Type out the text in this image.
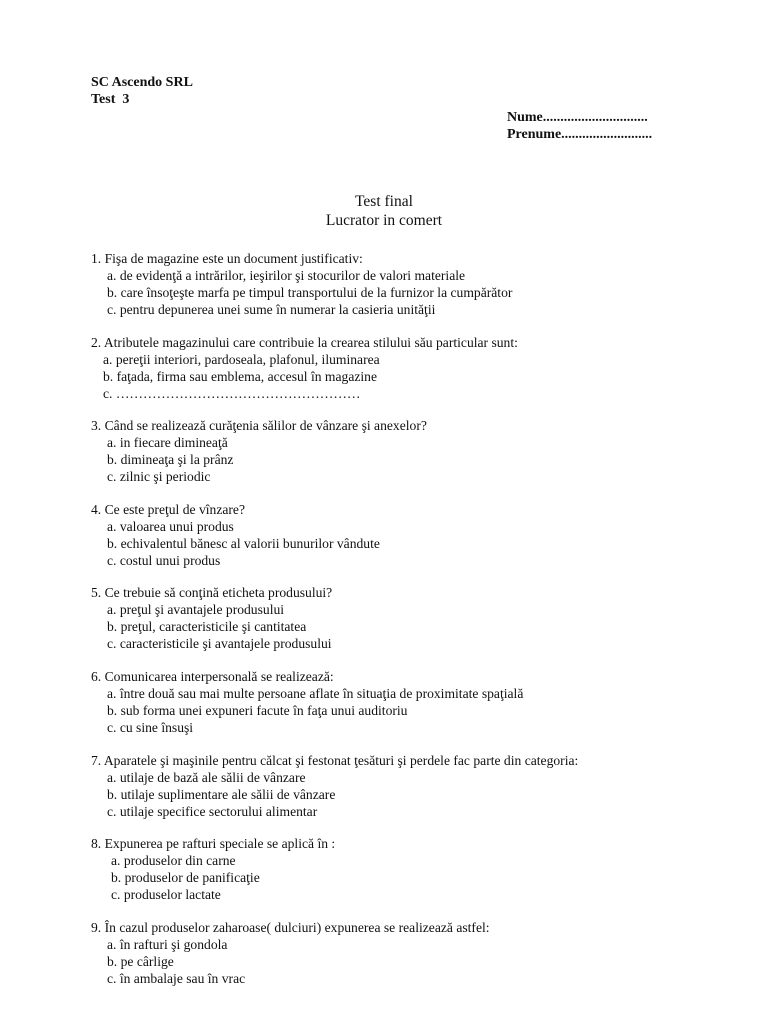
SC Ascendo SRL
Test  3
Nume..............................
Prenume..........................
Test final
Lucrator in comert
1. Fişa de magazine este un document justificativ:
a. de evidenţă a intrărilor, ieşirilor şi stocurilor de valori materiale
b. care însoţeşte marfa pe timpul transportului de la furnizor la cumpărător
c. pentru depunerea unei sume în numerar la casieria unităţii
2. Atributele magazinului care contribuie la crearea stilului său particular sunt:
a. pereţii interiori, pardoseala, plafonul, iluminarea
b. faţada, firma sau emblema, accesul în magazine
c. ………………………………………………
3. Când se realizează curăţenia sălilor de vânzare şi anexelor?
a. in fiecare dimineaţă
b. dimineaţa şi la prânz
c. zilnic şi periodic
4. Ce este preţul de vînzare?
a. valoarea unui produs
b. echivalentul bănesc al valorii bunurilor vândute
c. costul unui produs
5. Ce trebuie să conţină eticheta produsului?
a. preţul şi avantajele produsului
b. preţul, caracteristicile şi cantitatea
c. caracteristicile şi avantajele produsului
6. Comunicarea interpersonală se realizează:
a. între două sau mai multe persoane aflate în situaţia de proximitate spaţială
b. sub forma unei expuneri facute în faţa unui auditoriu
c. cu sine însuşi
7. Aparatele şi maşinile pentru călcat şi festonat ţesături şi perdele fac parte din categoria:
a. utilaje de bază ale sălii de vânzare
b. utilaje suplimentare ale sălii de vânzare
c. utilaje specifice sectorului alimentar
8. Expunerea pe rafturi speciale se aplică în :
a. produselor din carne
b. produselor de panificaţie
c. produselor lactate
9. În cazul produselor zaharoase( dulciuri) expunerea se realizează astfel:
a. în rafturi şi gondola
b. pe cârlige
c. în ambalaje sau în vrac
